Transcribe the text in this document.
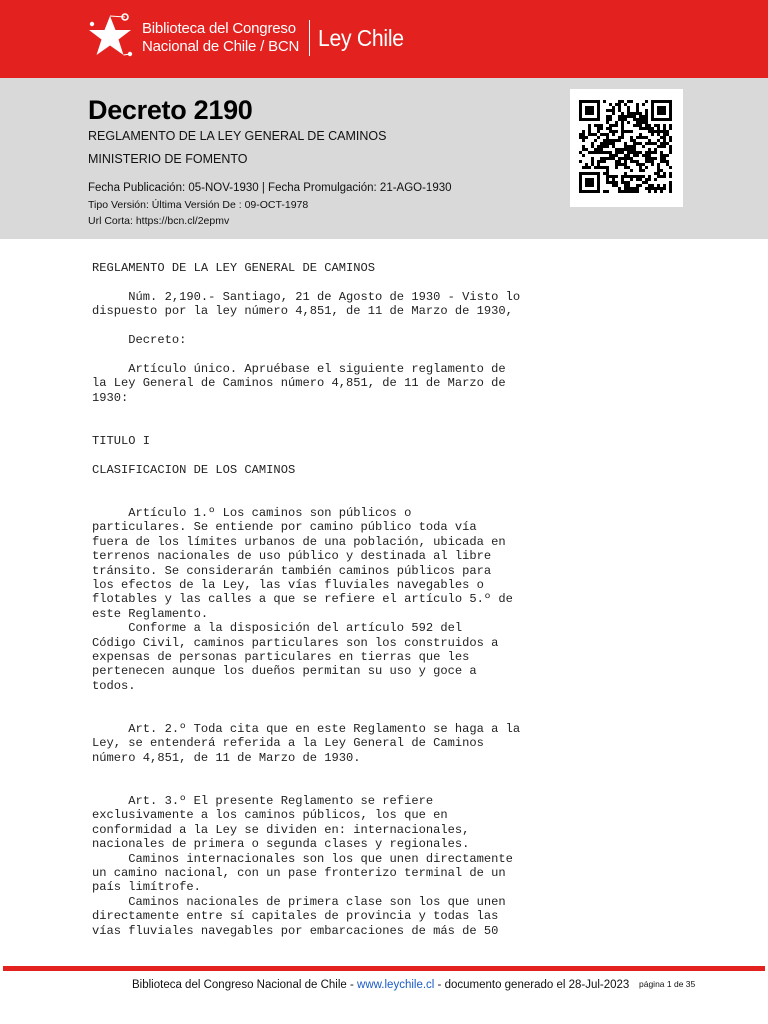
Biblioteca del Congreso
Nacional de Chile / BCN Ley Chile
Decreto 2190
REGLAMENTO DE LA LEY GENERAL DE CAMINOS
MINISTERIO DE FOMENTO
Fecha Publicación: 05-NOV-1930 | Fecha Promulgación: 21-AGO-1930
Tipo Versión: Última Versión De : 09-OCT-1978
Url Corta: https://bcn.cl/2epmv
REGLAMENTO DE LA LEY GENERAL DE CAMINOS

Núm. 2,190.- Santiago, 21 de Agosto de 1930 - Visto lo
dispuesto por la ley número 4,851, de 11 de Marzo de 1930,

Decreto:

Artículo único. Apruébase el siguiente reglamento de
la Ley General de Caminos número 4,851, de 11 de Marzo de
1930:

TITULO I

CLASIFICACION DE LOS CAMINOS

Artículo 1.º Los caminos son públicos o
particulares. Se entiende por camino público toda vía
fuera de los límites urbanos de una población, ubicada en
terrenos nacionales de uso público y destinada al libre
tránsito. Se considerarán también caminos públicos para
los efectos de la Ley, las vías fluviales navegables o
flotables y las calles a que se refiere el artículo 5.º de
este Reglamento.
Conforme a la disposición del artículo 592 del
Código Civil, caminos particulares son los construidos a
expensas de personas particulares en tierras que les
pertenecen aunque los dueños permitan su uso y goce a
todos.

Art. 2.º Toda cita que en este Reglamento se haga a la
Ley, se entenderá referida a la Ley General de Caminos
número 4,851, de 11 de Marzo de 1930.

Art. 3.º El presente Reglamento se refiere
exclusivamente a los caminos públicos, los que en
conformidad a la Ley se dividen en: internacionales,
nacionales de primera o segunda clases y regionales.
Caminos internacionales son los que unen directamente
un camino nacional, con un pase fronterizo terminal de un
país limítrofe.
Caminos nacionales de primera clase son los que unen
directamente entre sí capitales de provincia y todas las
vías fluviales navegables por embarcaciones de más de 50
Biblioteca del Congreso Nacional de Chile - www.leychile.cl - documento generado el 28-Jul-2023 página 1 de 35
